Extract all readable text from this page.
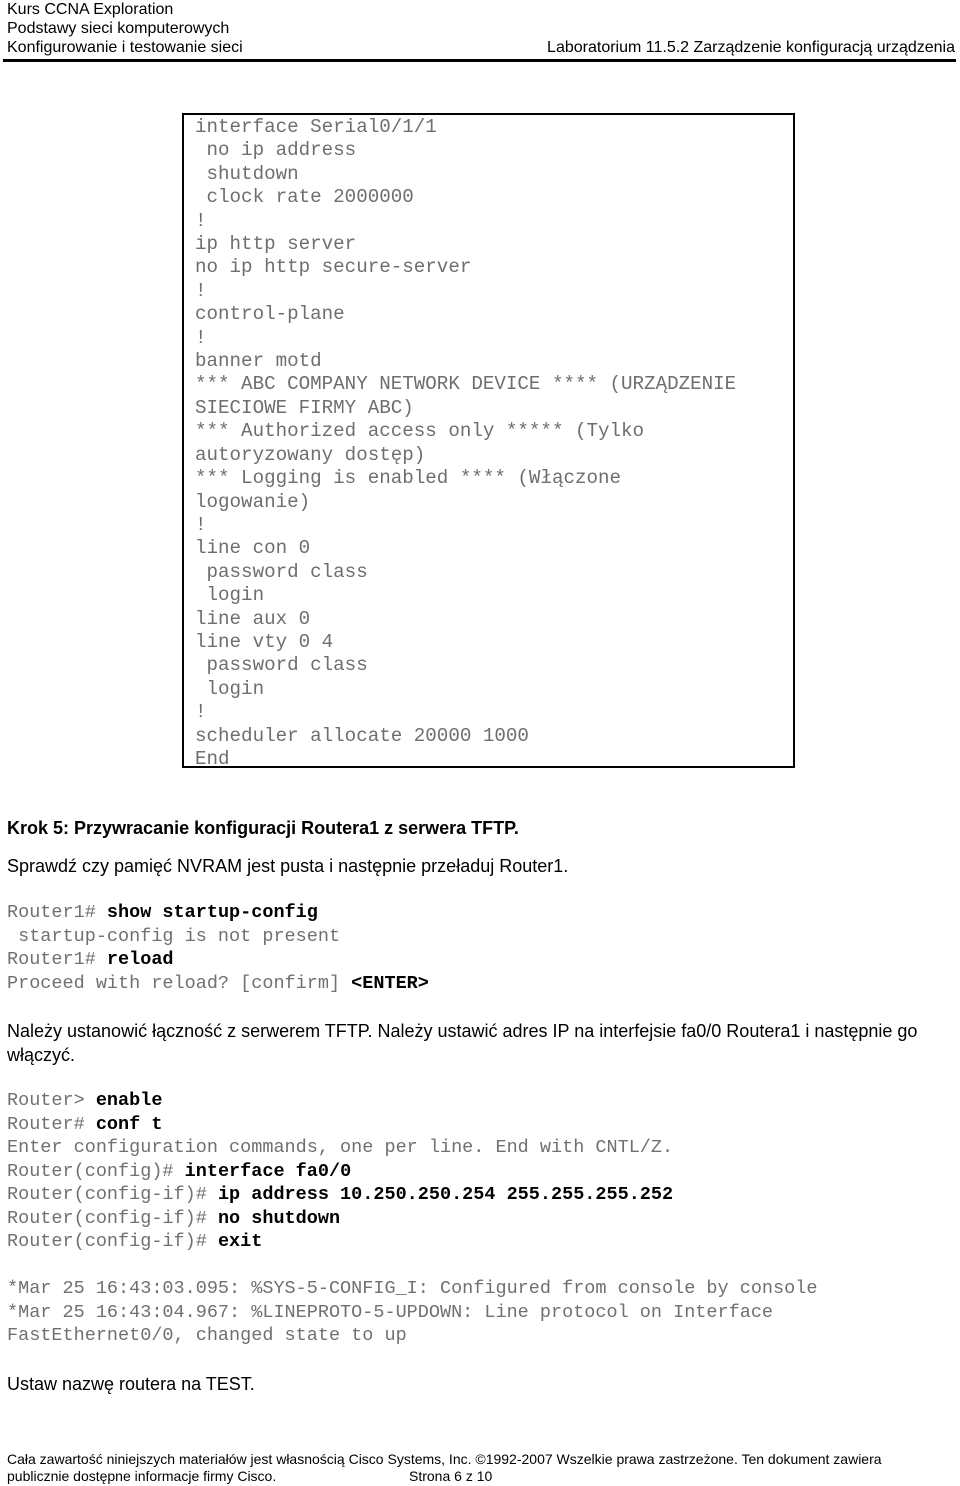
Kurs CCNA Exploration
Podstawy sieci komputerowych
Konfigurowanie i testowanie sieci	Laboratorium 11.5.2 Zarządzenie konfiguracją urządzenia
interface Serial0/1/1
no ip address
shutdown
clock rate 2000000
!
ip http server
no ip http secure-server
!
control-plane
!
banner motd
*** ABC COMPANY NETWORK DEVICE **** (URZĄDZENIE
SIECIOWE FIRMY ABC)
*** Authorized access only ***** (Tylko
autoryzowany dostęp)
*** Logging is enabled **** (Włączone
logowanie)
!
line con 0
password class
login
line aux 0
line vty 0 4
password class
login
!
scheduler allocate 20000 1000
End
Krok 5: Przywracanie konfiguracji Routera1 z serwera TFTP.
Sprawdź czy pamięć NVRAM jest pusta i następnie przeładuj Router1.
Router1# show startup-config
startup-config is not present
Router1# reload
Proceed with reload? [confirm] <ENTER>
Należy ustanowić łączność z serwerem TFTP. Należy ustawić adres IP na interfejsie fa0/0 Routera1 i następnie go włączyć.
Router> enable
Router# conf t
Enter configuration commands, one per line. End with CNTL/Z.
Router(config)# interface fa0/0
Router(config-if)# ip address 10.250.250.254 255.255.255.252
Router(config-if)# no shutdown
Router(config-if)# exit

*Mar 25 16:43:03.095: %SYS-5-CONFIG_I: Configured from console by console
*Mar 25 16:43:04.967: %LINEPROTO-5-UPDOWN: Line protocol on Interface
FastEthernet0/0, changed state to up
Ustaw nazwę routera na TEST.
Cała zawartość niniejszych materiałów jest własnością Cisco Systems, Inc. ©1992-2007 Wszelkie prawa zastrzeżone. Ten dokument zawiera
publicznie dostępne informacje firmy Cisco.	Strona 6 z 10
